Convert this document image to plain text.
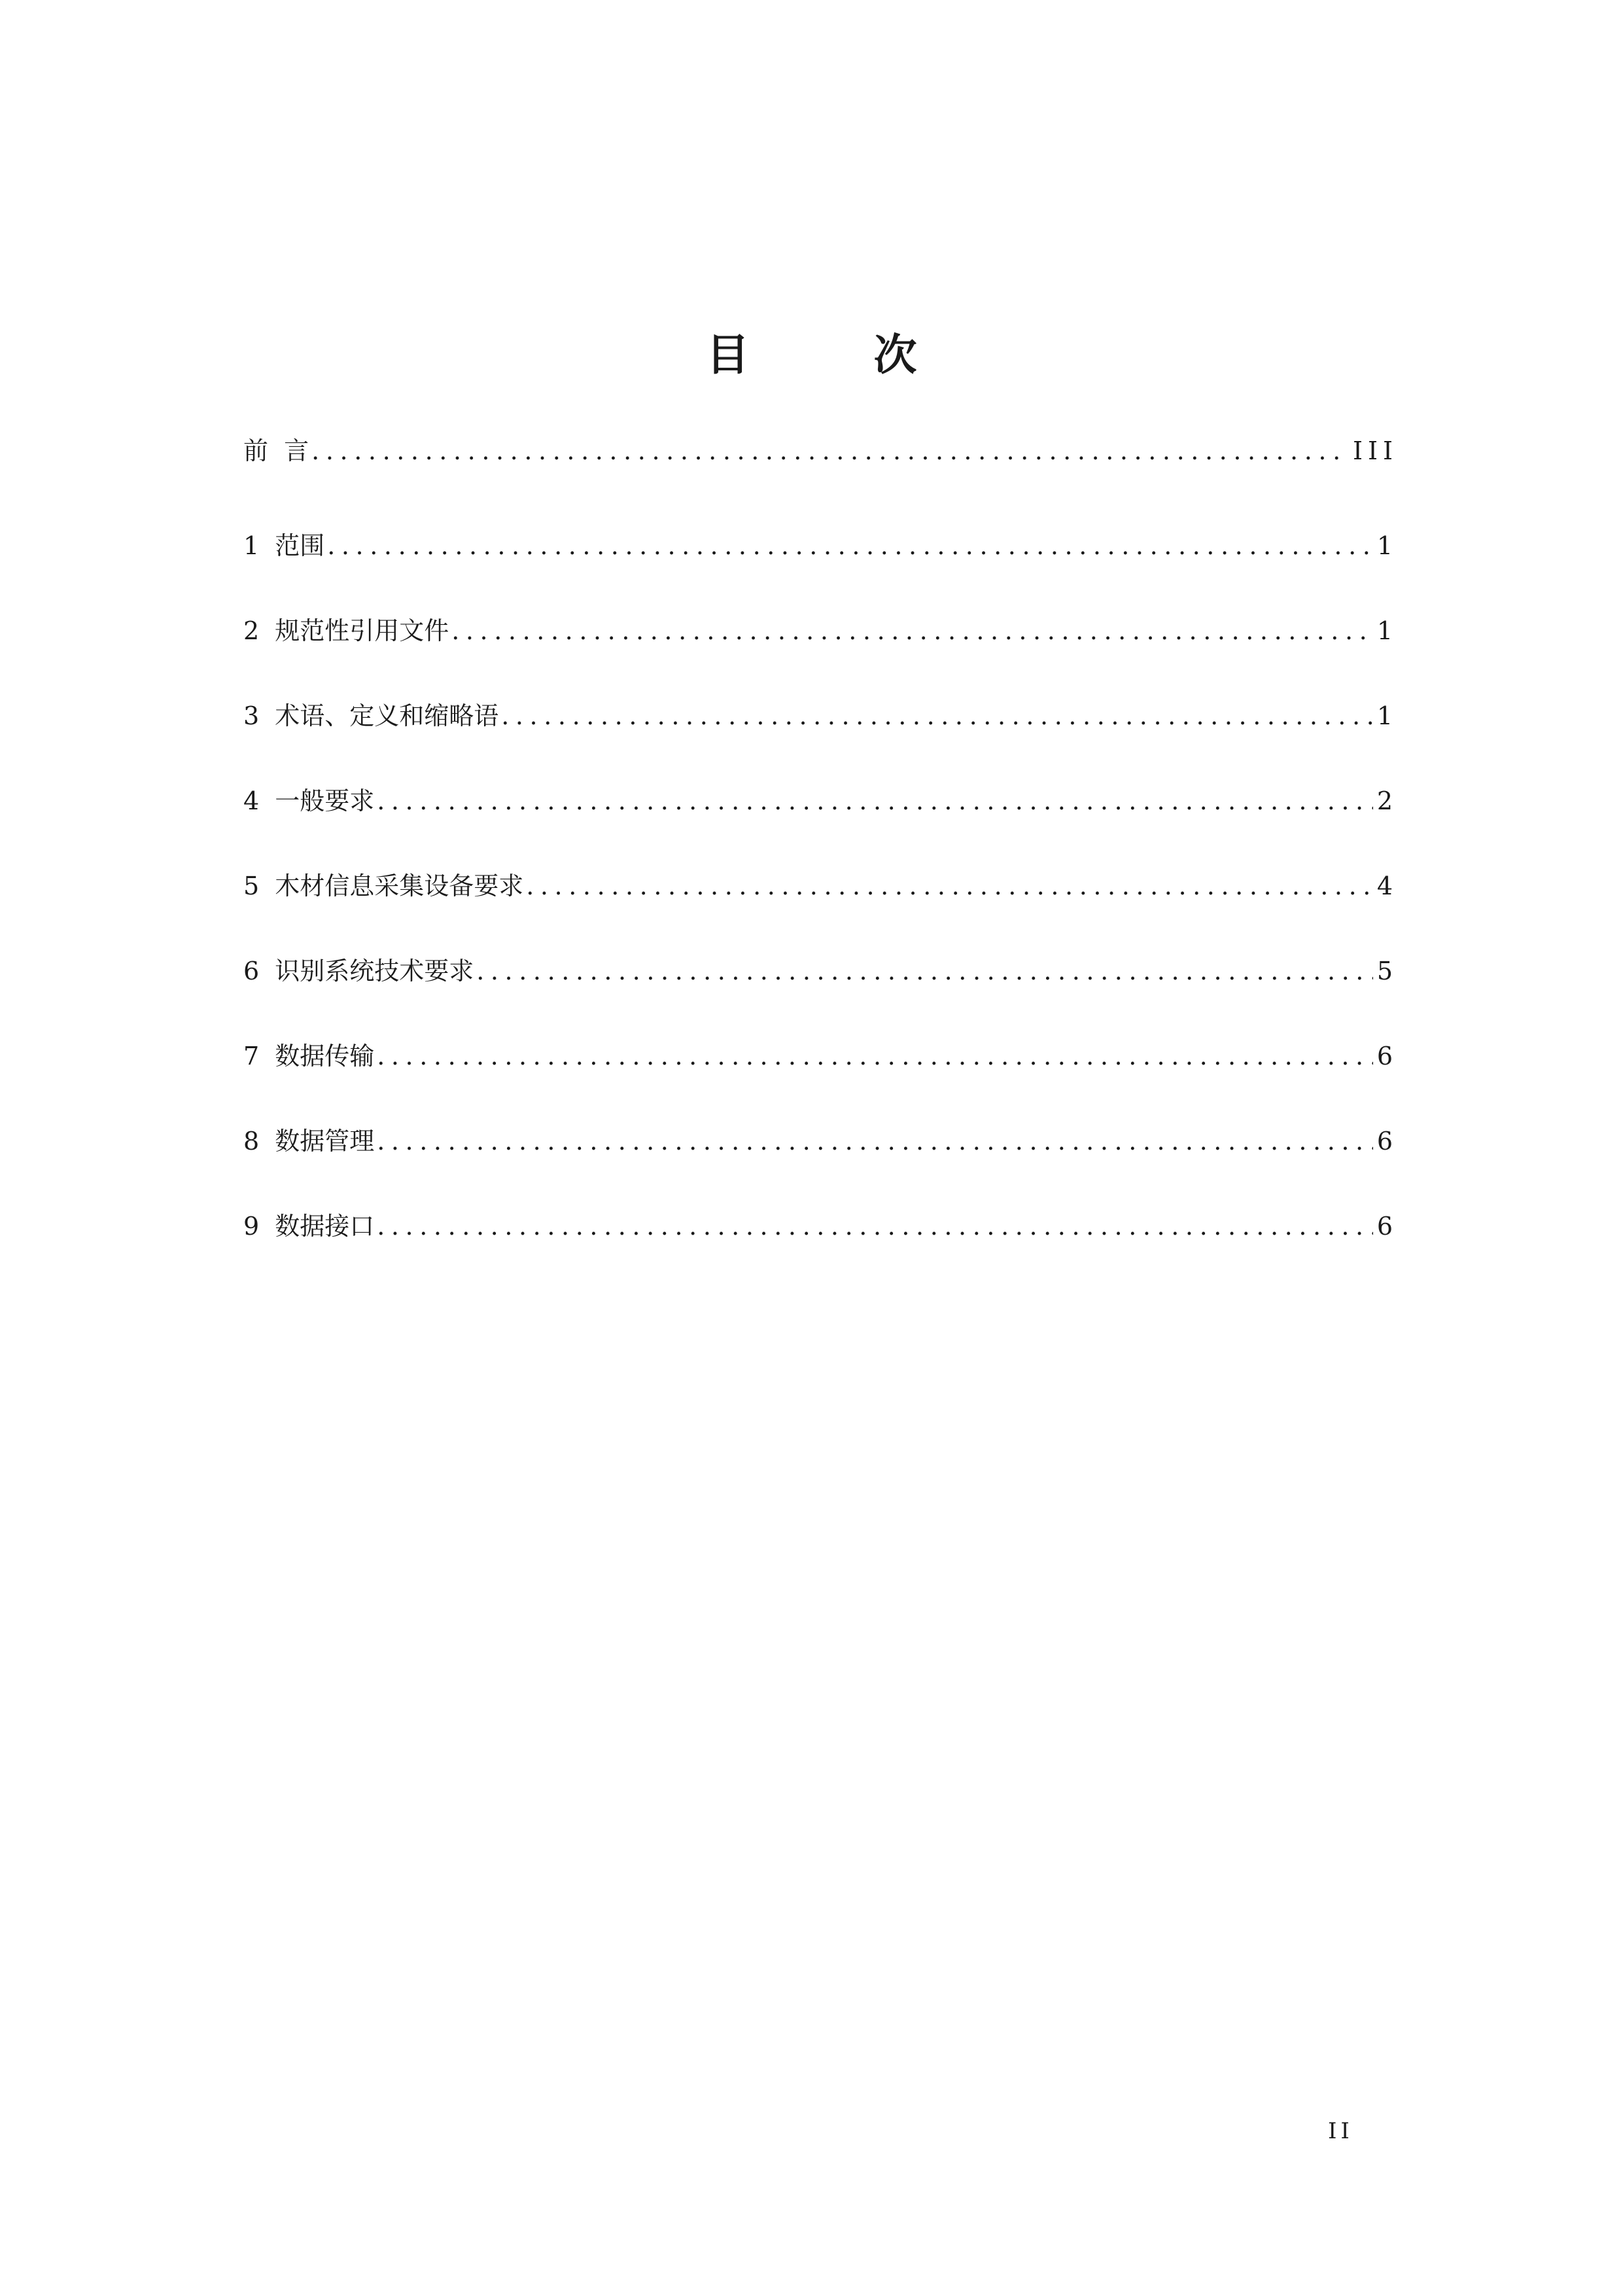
目　次
前  言 .....	III
1 范围 .....	1
2 规范性引用文件 .....	1
3 术语、定义和缩略语 .....	1
4 一般要求 .....	2
5 木材信息采集设备要求 .....	4
6 识别系统技术要求 .....	5
7 数据传输 .....	6
8 数据管理 .....	6
9 数据接口 .....	6
II
